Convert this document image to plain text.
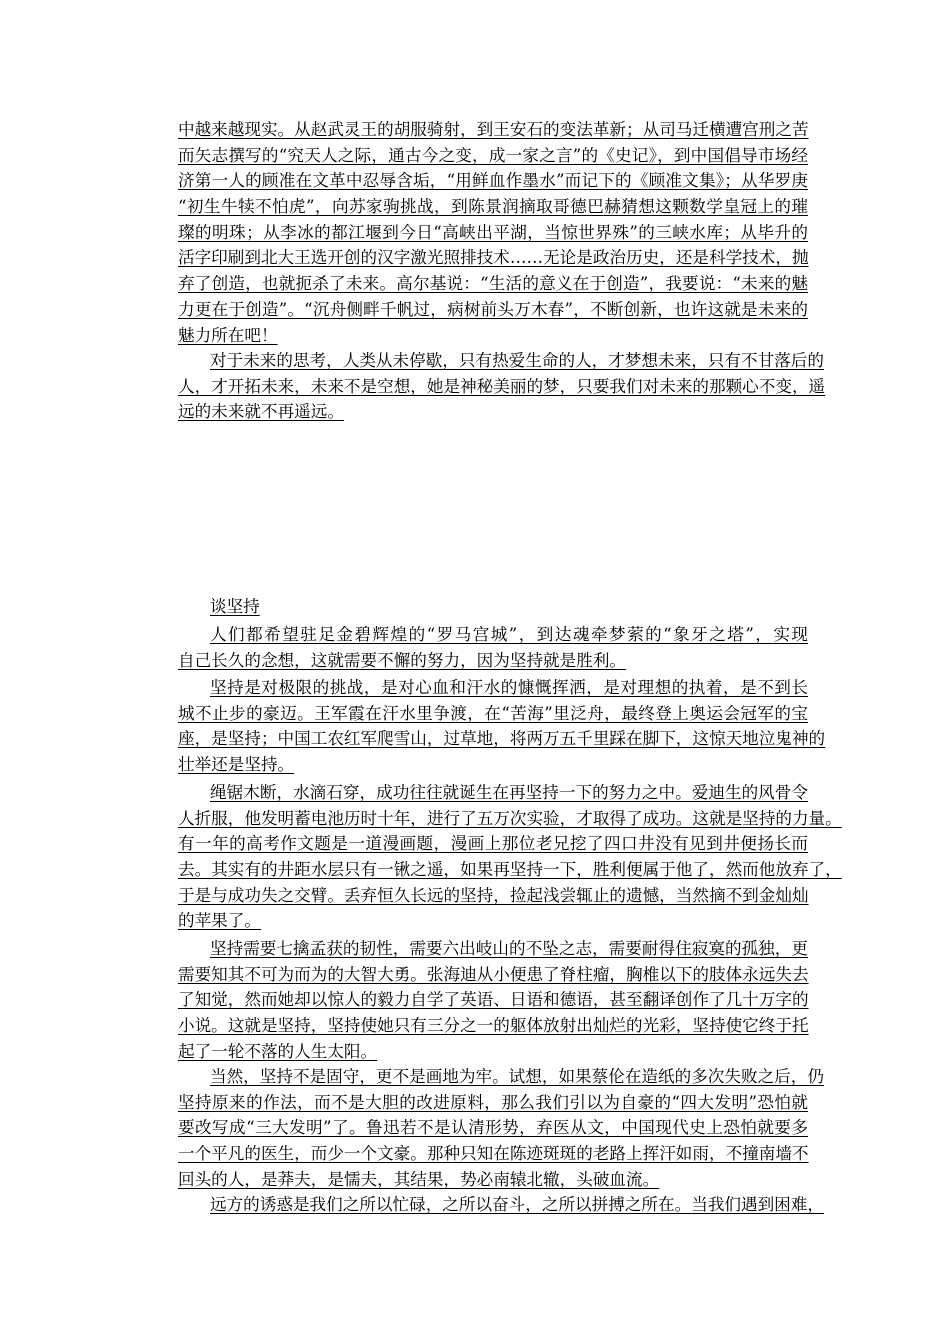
中越来越现实。从赵武灵王的胡服骑射，到王安石的变法革新；从司马迁横遭宫刑之苦
而矢志撰写的“究天人之际，通古今之变，成一家之言”的《史记》，到中国倡导市场经
济第一人的顾准在文革中忍辱含垢，“用鲜血作墨水”而记下的《顾准文集》；从华罗庚
“初生牛犊不怕虎”，向苏家驹挑战，到陈景润摘取哥德巴赫猜想这颗数学皇冠上的璀
璨的明珠；从李冰的都江堰到今日“高峡出平湖，当惊世界殊”的三峡水库；从毕升的
活字印刷到北大王选开创的汉字激光照排技术……无论是政治历史，还是科学技术，抛
弃了创造，也就扼杀了未来。高尔基说：“生活的意义在于创造”，我要说：“未来的魅
力更在于创造”。“沉舟侧畔千帆过，病树前头万木春”，不断创新，也许这就是未来的
魅力所在吧！
对于未来的思考，人类从未停歇，只有热爱生命的人，才梦想未来，只有不甘落后的
人，才开拓未来，未来不是空想，她是神秘美丽的梦，只要我们对未来的那颗心不变，遥
远的未来就不再遥远。
谈坚持
人们都希望驻足金碧辉煌的“罗马宫城”，到达魂牵梦萦的“象牙之塔”，实现
自己长久的念想，这就需要不懈的努力，因为坚持就是胜利。
坚持是对极限的挑战，是对心血和汗水的慷慨挥洒，是对理想的执着，是不到长
城不止步的豪迈。王军霞在汗水里争渡，在“苦海”里泛舟，最终登上奥运会冠军的宝
座，是坚持；中国工农红军爬雪山，过草地，将两万五千里踩在脚下，这惊天地泣鬼神的
壮举还是坚持。
绳锯木断，水滴石穿，成功往往就诞生在再坚持一下的努力之中。爱迪生的风骨令
人折服，他发明蓄电池历时十年，进行了五万次实验，才取得了成功。这就是坚持的力量。
有一年的高考作文题是一道漫画题，漫画上那位老兄挖了四口井没有见到井便扬长而
去。其实有的井距水层只有一锹之遥，如果再坚持一下，胜利便属于他了，然而他放弃了，
于是与成功失之交臂。丢弃恒久长远的坚持，捡起浅尝辄止的遗憾，当然摘不到金灿灿
的苹果了。
坚持需要七擒孟获的韧性，需要六出岐山的不坠之志，需要耐得住寂寞的孤独，更
需要知其不可为而为的大智大勇。张海迪从小便患了脊柱瘤，胸椎以下的肢体永远失去
了知觉，然而她却以惊人的毅力自学了英语、日语和德语，甚至翻译创作了几十万字的
小说。这就是坚持，坚持使她只有三分之一的躯体放射出灿烂的光彩，坚持使它终于托
起了一轮不落的人生太阳。
当然，坚持不是固守，更不是画地为牢。试想，如果蔡伦在造纸的多次失败之后，仍
坚持原来的作法，而不是大胆的改进原料，那么我们引以为自豪的“四大发明”恐怕就
要改写成“三大发明”了。鲁迅若不是认清形势，弃医从文，中国现代史上恐怕就要多
一个平凡的医生，而少一个文豪。那种只知在陈迹斑斑的老路上挥汗如雨，不撞南墙不
回头的人，是莽夫，是懦夫，其结果，势必南辕北辙，头破血流。
远方的诱惑是我们之所以忙碌，之所以奋斗，之所以拼搏之所在。当我们遇到困难，
